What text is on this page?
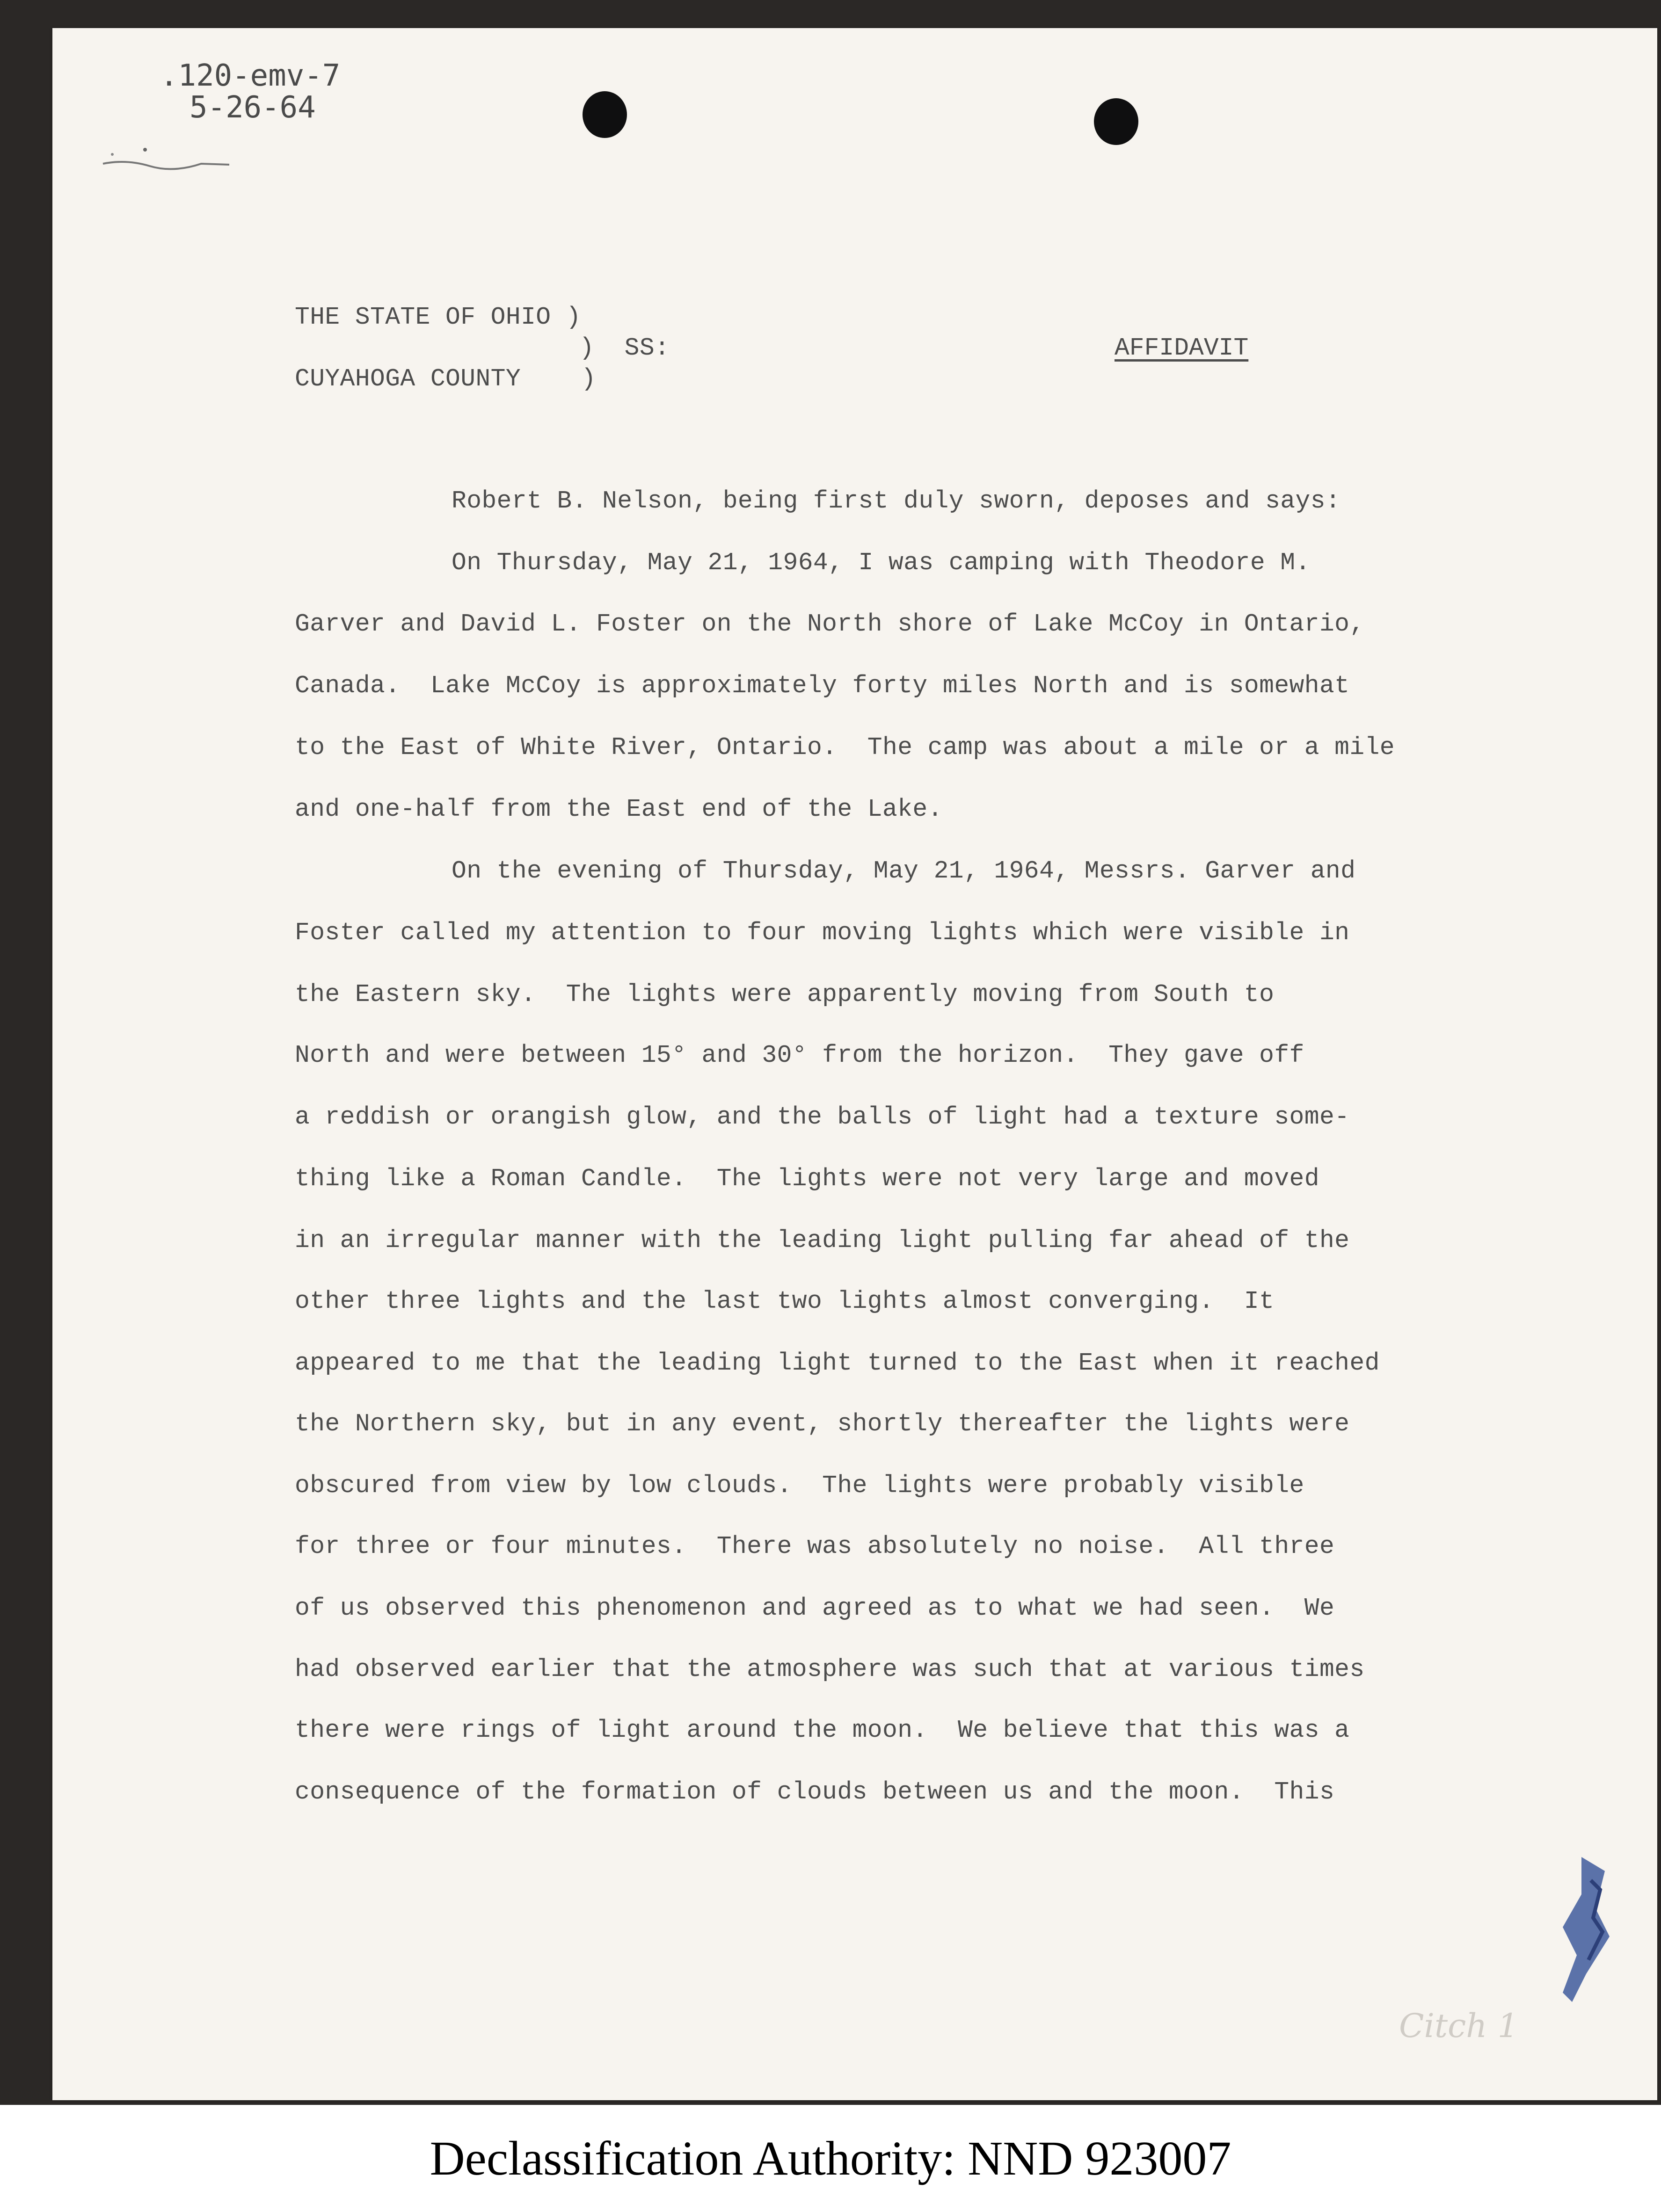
.120-emv-7
5-26-64
THE STATE OF OHIO )
)  SS:
CUYAHOGA COUNTY    )
AFFIDAVIT
Robert B. Nelson, being first duly sworn, deposes and says:
On Thursday, May 21, 1964, I was camping with Theodore M.
Garver and David L. Foster on the North shore of Lake McCoy in Ontario,
Canada.  Lake McCoy is approximately forty miles North and is somewhat
to the East of White River, Ontario.  The camp was about a mile or a mile
and one-half from the East end of the Lake.
On the evening of Thursday, May 21, 1964, Messrs. Garver and
Foster called my attention to four moving lights which were visible in
the Eastern sky.  The lights were apparently moving from South to
North and were between 15° and 30° from the horizon.  They gave off
a reddish or orangish glow, and the balls of light had a texture some-
thing like a Roman Candle.  The lights were not very large and moved
in an irregular manner with the leading light pulling far ahead of the
other three lights and the last two lights almost converging.  It
appeared to me that the leading light turned to the East when it reached
the Northern sky, but in any event, shortly thereafter the lights were
obscured from view by low clouds.  The lights were probably visible
for three or four minutes.  There was absolutely no noise.  All three
of us observed this phenomenon and agreed as to what we had seen.  We
had observed earlier that the atmosphere was such that at various times
there were rings of light around the moon.  We believe that this was a
consequence of the formation of clouds between us and the moon.  This
Citch 1
Declassification Authority: NND 923007
